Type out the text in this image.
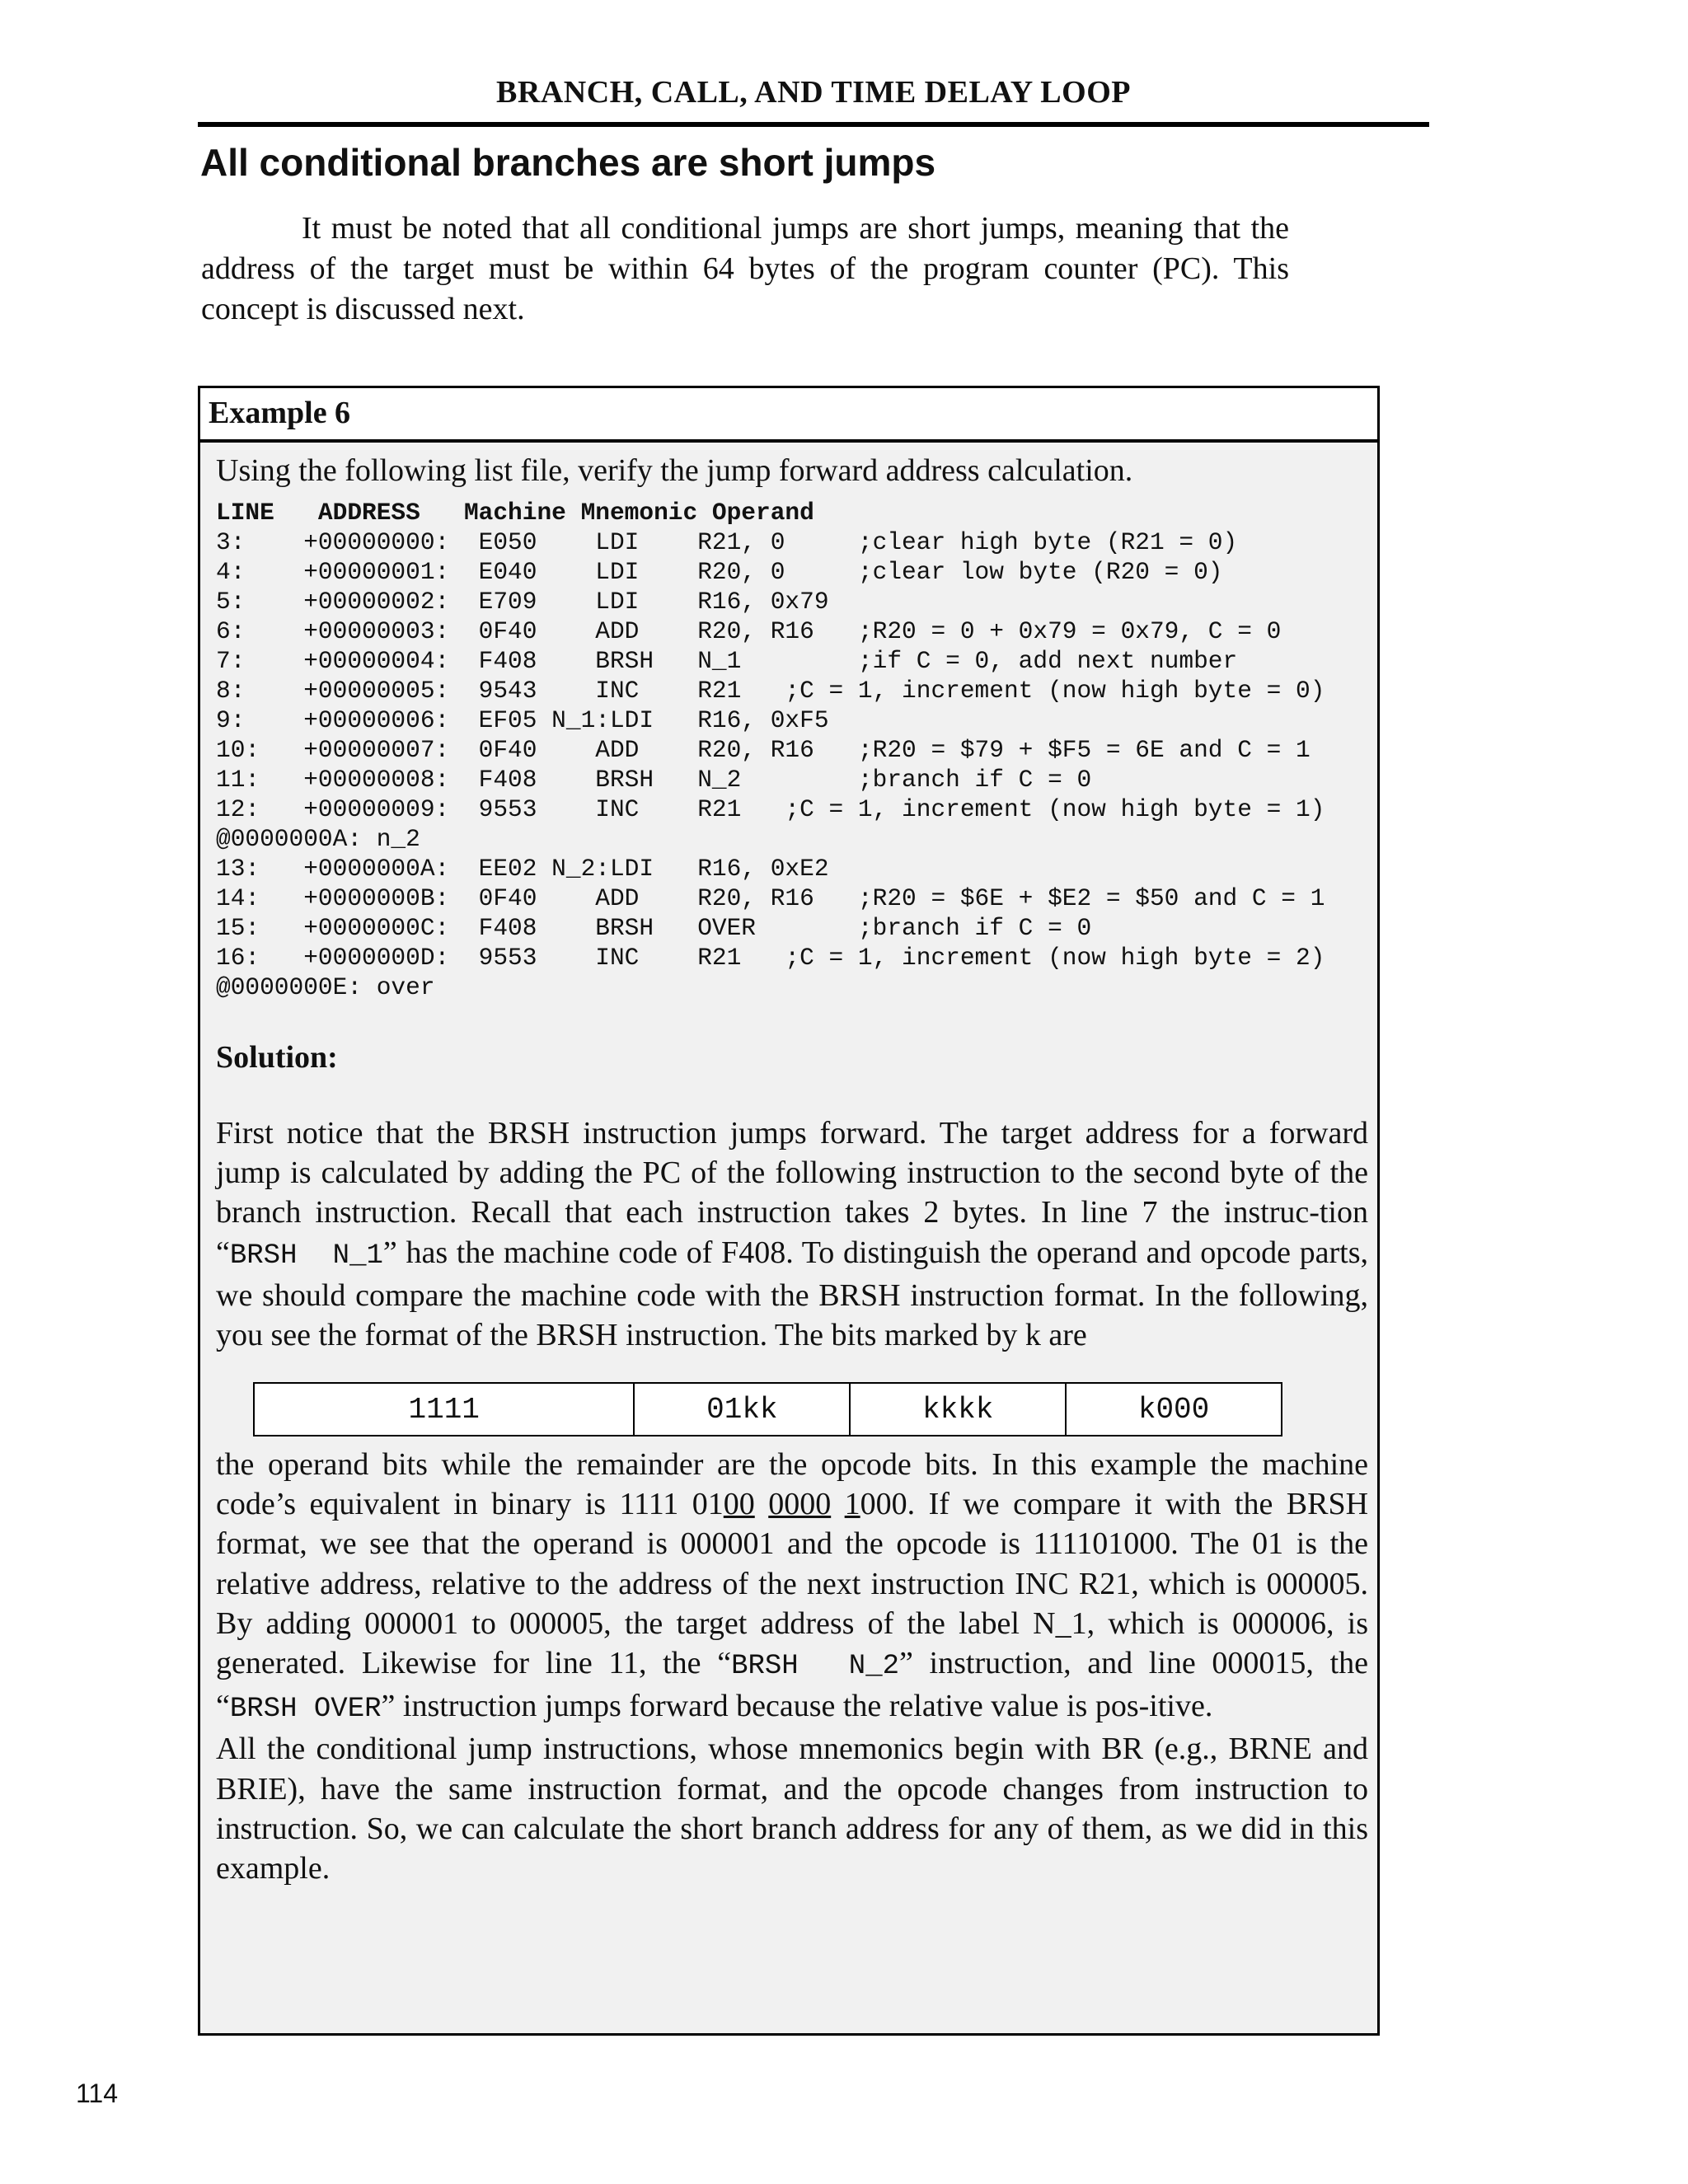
BRANCH, CALL, AND TIME DELAY LOOP
All conditional branches are short jumps
It must be noted that all conditional jumps are short jumps, meaning that the address of the target must be within 64 bytes of the program counter (PC). This concept is discussed next.
Example 6
Using the following list file, verify the jump forward address calculation.
LINE   ADDRESS   Machine Mnemonic Operand
3:    +00000000:  E050    LDI    R21, 0     ;clear high byte (R21 = 0)
4:    +00000001:  E040    LDI    R20, 0     ;clear low byte (R20 = 0)
5:    +00000002:  E709    LDI    R16, 0x79
6:    +00000003:  0F40    ADD    R20, R16   ;R20 = 0 + 0x79 = 0x79, C = 0
7:    +00000004:  F408    BRSH   N_1        ;if C = 0, add next number
8:    +00000005:  9543    INC    R21   ;C = 1, increment (now high byte = 0)
9:    +00000006:  EF05 N_1:LDI   R16, 0xF5
10:   +00000007:  0F40    ADD    R20, R16   ;R20 = $79 + $F5 = 6E and C = 1
11:   +00000008:  F408    BRSH   N_2        ;branch if C = 0
12:   +00000009:  9553    INC    R21   ;C = 1, increment (now high byte = 1)
@0000000A: n_2
13:   +0000000A:  EE02 N_2:LDI   R16, 0xE2
14:   +0000000B:  0F40    ADD    R20, R16   ;R20 = $6E + $E2 = $50 and C = 1
15:   +0000000C:  F408    BRSH   OVER       ;branch if C = 0
16:   +0000000D:  9553    INC    R21   ;C = 1, increment (now high byte = 2)
@0000000E: over
Solution:
First notice that the BRSH instruction jumps forward. The target address for a forward jump is calculated by adding the PC of the following instruction to the second byte of the branch instruction. Recall that each instruction takes 2 bytes. In line 7 the instruc-tion “BRSH  N_1” has the machine code of F408. To distinguish the operand and opcode parts, we should compare the machine code with the BRSH instruction format. In the following, you see the format of the BRSH instruction. The bits marked by k are
1111	01kk	kkkk	k000
the operand bits while the remainder are the opcode bits. In this example the machine code’s equivalent in binary is 1111 0100 0000 1000. If we compare it with the BRSH format, we see that the operand is 000001 and the opcode is 111101000. The 01 is the relative address, relative to the address of the next instruction INC R21, which is 000005. By adding 000001 to 000005, the target address of the label N_1, which is 000006, is generated. Likewise for line 11, the “BRSH  N_2” instruction, and line 000015, the “BRSH OVER” instruction jumps forward because the relative value is pos-itive.
All the conditional jump instructions, whose mnemonics begin with BR (e.g., BRNE and BRIE), have the same instruction format, and the opcode changes from instruction to instruction. So, we can calculate the short branch address for any of them, as we did in this example.
114
